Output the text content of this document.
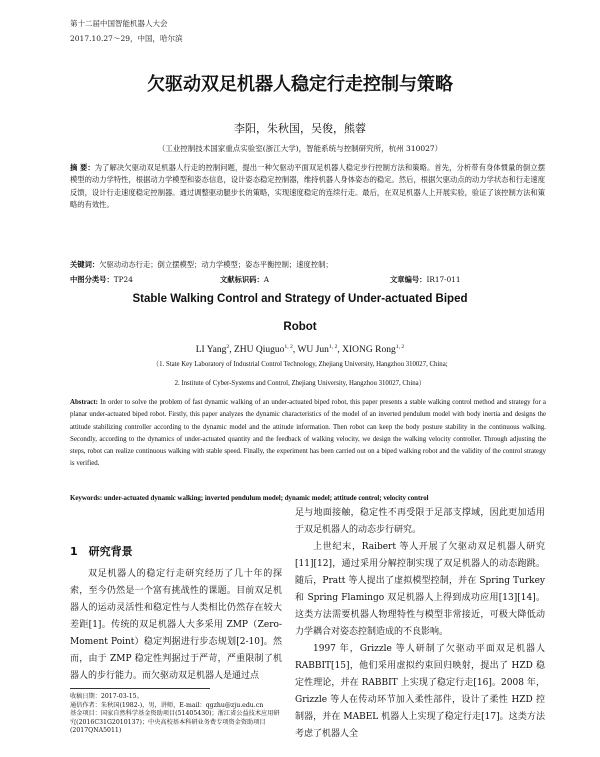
第十二届中国智能机器人大会
2017.10.27～29，中国，哈尔滨
欠驱动双足机器人稳定行走控制与策略
李阳，朱秋国，吴俊，熊蓉
（工业控制技术国家重点实验室(浙江大学)，智能系统与控制研究所，杭州 310027）
摘 要：为了解决欠驱动双足机器人行走的控制问题，提出一种欠驱动平面双足机器人稳定步行控制方法和策略。首先，分析带有身体惯量的倒立摆模型的动力学特性，根据动力学模型和姿态信息，设计姿态稳定控制器，维持机器人身体姿态的稳定。然后，根据欠驱动点的动力学状态和行走速度反馈，设计行走速度稳定控制器。通过调整驱动腿步长的策略，实现速度稳定的连续行走。最后，在双足机器人上开展实验，验证了该控制方法和策略的有效性。
关键词：欠驱动动态行走；倒立摆模型；动力学模型；姿态平衡控制；速度控制；
中图分类号：TP24	文献标识码：A	文章编号：IR17-011
Stable Walking Control and Strategy of Under-actuated Biped
Robot
LI Yang$^2$, ZHU Qiuguo$^{1, 2}$, WU Jun$^{1, 2}$, XIONG Rong$^{1, 2}$
（1. State Key Laboratory of Industrial Control Technology, Zhejiang University, Hangzhou 310027, China;
2. Institute of Cyber-Systems and Control, Zhejiang University, Hangzhou 310027, China）
Abstract: In order to solve the problem of fast dynamic walking of an under-actuated biped robot, this paper presents a stable walking control method and strategy for a planar under-actuated biped robot. Firstly, this paper analyzes the dynamic characteristics of the model of an inverted pendulum model with body inertia and designs the attitude stabilizing controller according to the dynamic model and the attitude information. Then robot can keep the body posture stability in the continuous walking. Secondly, according to the dynamics of under-actuated quantity and the feedback of walking velocity, we design the walking velocity controller. Through adjusting the steps, robot can realize continuous walking with stable speed. Finally, the experiment has been carried out on a biped walking robot and the validity of the control strategy is verified.
Keywords: under-actuated dynamic walking; inverted pendulum model; dynamic model; attitude control; velocity control
1　研究背景
双足机器人的稳定行走研究经历了几十年的探索，至今仍然是一个富有挑战性的课题。目前双足机器人的运动灵活性和稳定性与人类相比仍然存在较大差距[1]。传统的双足机器人大多采用 ZMP（Zero-Moment Point）稳定判据进行步态规划[2-10]。然而，由于 ZMP 稳定性判据过于严苛，严重限制了机器人的步行能力。而欠驱动双足机器人是通过点
足与地面接触，稳定性不再受限于足部支撑域，因此更加适用于双足机器人的动态步行研究。
上世纪末，Raibert 等人开展了欠驱动双足机器人研究[11][12]，通过采用分解控制实现了双足机器人的动态跑跳。随后，Pratt 等人提出了虚拟模型控制，并在 Spring Turkey 和 Spring Flamingo 双足机器人上得到成功应用[13][14]。这类方法需要机器人物理特性与模型非常接近，可极大降低动力学耦合对姿态控制造成的不良影响。
1997 年，Grizzle 等人研制了欠驱动平面双足机器人 RABBIT[15]，他们采用虚拟约束回归映射，提出了 HZD 稳定性理论，并在 RABBIT 上实现了稳定行走[16]。2008 年，Grizzle 等人在传动环节加入柔性部件，设计了柔性 HZD 控制器，并在 MABEL 机器人上实现了稳定行走[17]。这类方法考虑了机器人全
收稿日期：2017-03-15。
通信作者：朱秋国(1982-)，男，讲师，E-mail：qgzhu@zju.edu.cn
基金项目：国家自然科学基金资助项目(51405430)；浙江省公益技术应用研究(2016C31G2010137)；中央高校基本科研业务费专项资金资助项目(2017QNA5011)
